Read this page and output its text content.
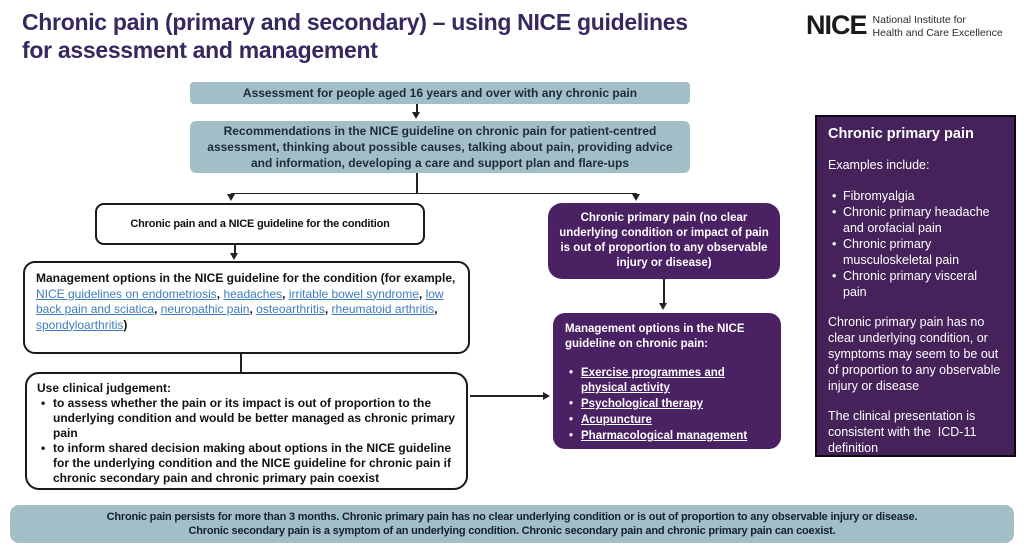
Chronic pain (primary and secondary) – using NICE guidelines
for assessment and management
NICE National Institute for
Health and Care Excellence
Assessment for people aged 16 years and over with any chronic pain
Recommendations in the NICE guideline on chronic pain for patient-centred assessment, thinking about possible causes, talking about pain, providing advice and information, developing a care and support plan and flare-ups
Chronic pain and a NICE guideline for the condition	Chronic primary pain (no clear underlying condition or impact of pain is out of proportion to any observable injury or disease)
Management options in the NICE guideline for the condition (for example, NICE guidelines on endometriosis, headaches, irritable bowel syndrome, low back pain and sciatica, neuropathic pain, osteoarthritis, rheumatoid arthritis, spondyloarthritis)
Use clinical judgement:
• to assess whether the pain or its impact is out of proportion to the underlying condition and would be better managed as chronic primary pain
• to inform shared decision making about options in the NICE guideline for the underlying condition and the NICE guideline for chronic pain if chronic secondary pain and chronic primary pain coexist
Management options in the NICE guideline on chronic pain:
• Exercise programmes and physical activity
• Psychological therapy
• Acupuncture
• Pharmacological management
Chronic primary pain
Examples include:
• Fibromyalgia
• Chronic primary headache and orofacial pain
• Chronic primary musculoskeletal pain
• Chronic primary visceral pain
Chronic primary pain has no clear underlying condition, or symptoms may seem to be out of proportion to any observable injury or disease
The clinical presentation is consistent with the  ICD-11 definition
Chronic pain persists for more than 3 months. Chronic primary pain has no clear underlying condition or is out of proportion to any observable injury or disease.
Chronic secondary pain is a symptom of an underlying condition. Chronic secondary pain and chronic primary pain can coexist.
